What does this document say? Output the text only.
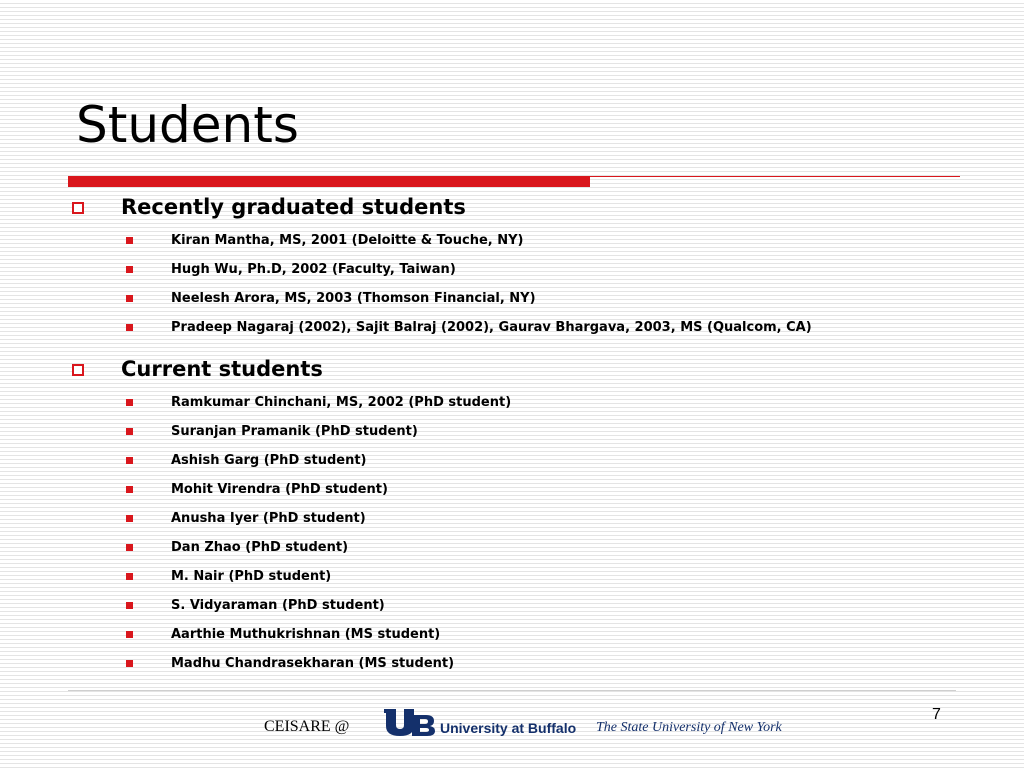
Students
Recently graduated students
Kiran Mantha, MS, 2001 (Deloitte & Touche, NY)
Hugh Wu, Ph.D, 2002 (Faculty, Taiwan)
Neelesh Arora, MS, 2003 (Thomson Financial, NY)
Pradeep Nagaraj (2002), Sajit Balraj (2002), Gaurav Bhargava, 2003, MS (Qualcom, CA)
Current students
Ramkumar Chinchani, MS, 2002 (PhD student)
Suranjan Pramanik (PhD student)
Ashish Garg (PhD student)
Mohit Virendra (PhD student)
Anusha Iyer (PhD student)
Dan Zhao (PhD student)
M. Nair (PhD student)
S. Vidyaraman (PhD student)
Aarthie Muthukrishnan (MS student)
Madhu Chandrasekharan (MS student)
7
CEISARE @	University at Buffalo The State University of New York
